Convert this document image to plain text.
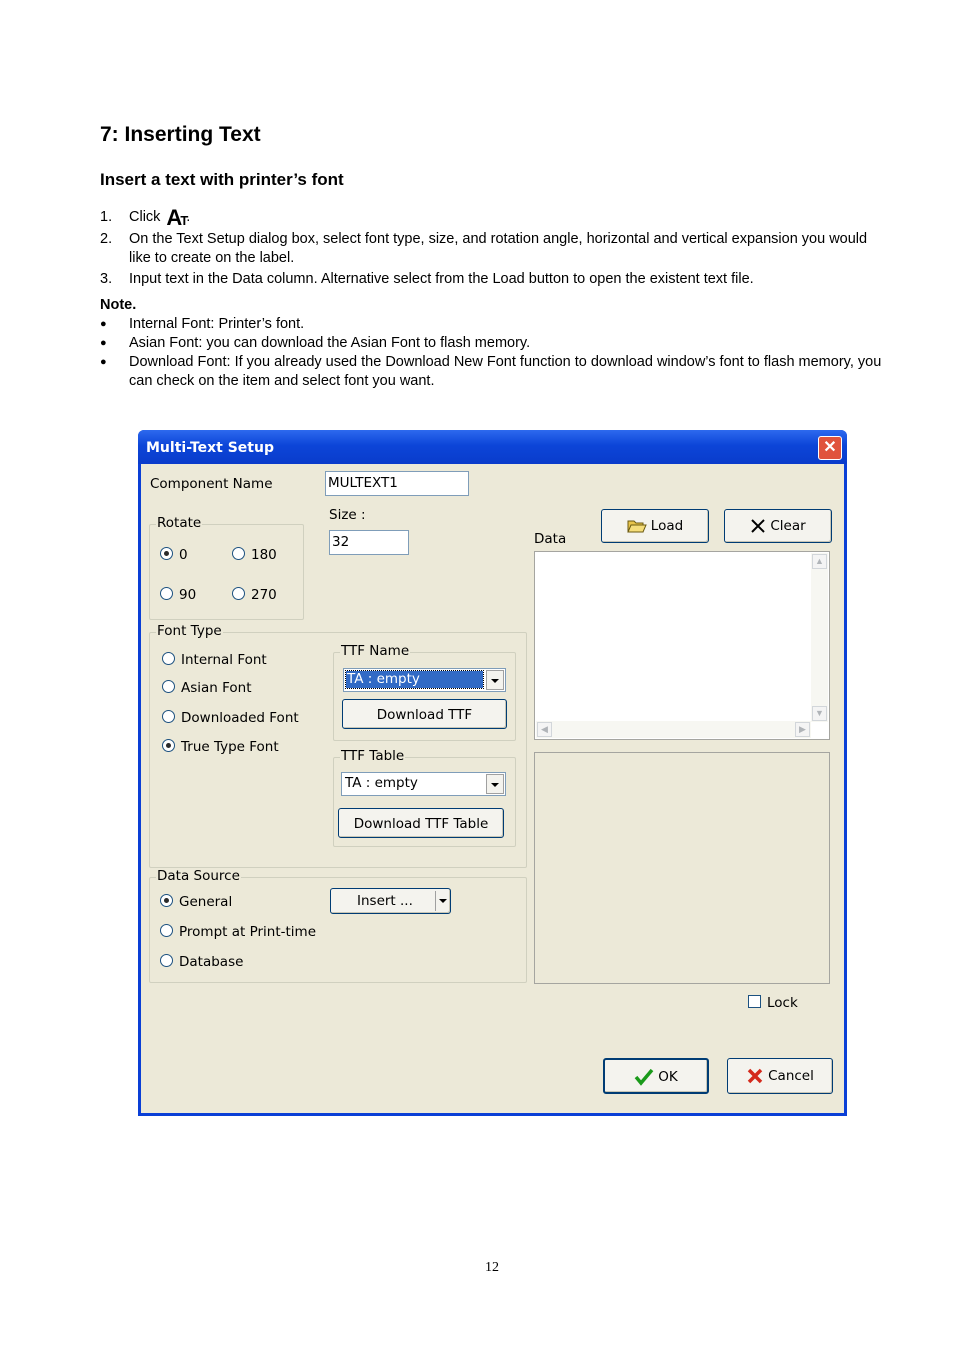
7: Inserting Text
Insert a text with printer’s font
1. Click AT.
2. On the Text Setup dialog box, select font type, size, and rotation angle, horizontal and vertical expansion you would like to create on the label.
3. Input text in the Data column. Alternative select from the Load button to open the existent text file.
Note.
● Internal Font: Printer’s font.
● Asian Font: you can download the Asian Font to flash memory.
● Download Font: If you already used the Download New Font function to download window’s font to flash memory, you can check on the item and select font you want.
Multi-Text Setup	✕
Component Name	MULTEXT1
Size :
32
Rotate
0	180
90	270
Font Type
Internal Font
Asian Font
Downloaded Font
True Type Font
TTF Name
TA : empty
Download TTF
TTF Table
TA : empty
Download TTF Table
Data Source
General
Prompt at Print-time
Database
Insert ...
Data
Load	Clear
▲
▼
◀	▶
Lock
OK	Cancel
12
